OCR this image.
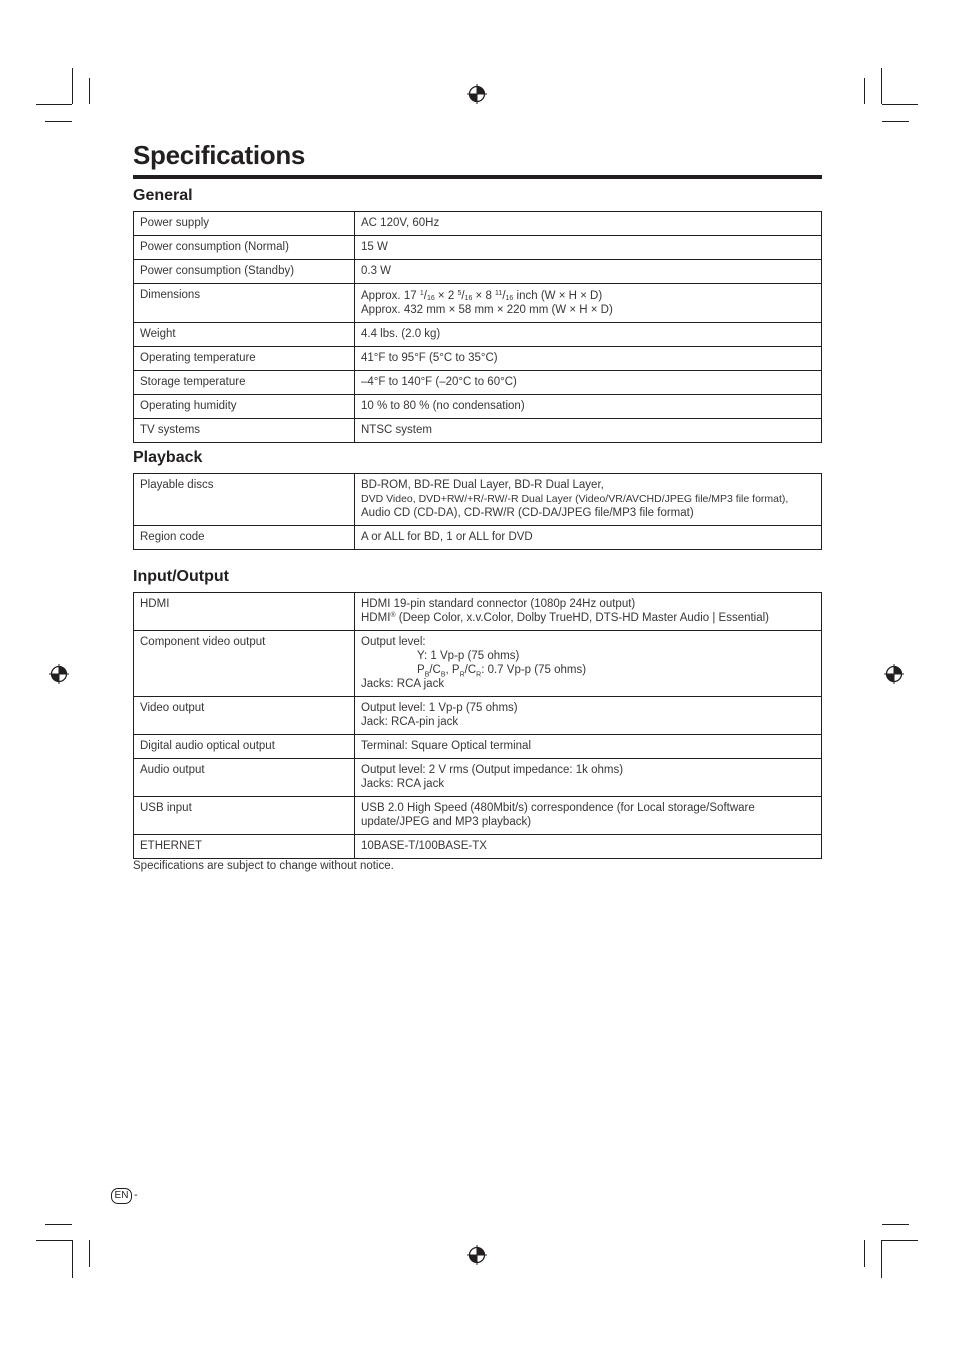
Specifications
General
Power supply	AC 120V, 60Hz
Power consumption (Normal)	15 W
Power consumption (Standby)	0.3 W
Dimensions	Approx. 17 $^1/_{16} \times 2$ $^5/_{16} \times 8$ $^{11}/_{16}$ inch (W × H × D)
Approx. 432 mm × 58 mm × 220 mm (W × H × D)

Weight	4.4 lbs. (2.0 kg)
Operating temperature	41°F to 95°F (5°C to 35°C)
Storage temperature	–4°F to 140°F (–20°C to 60°C)
Operating humidity	10 % to 80 % (no condensation)
TV systems	NTSC system
Playback
Playable discs	BD-ROM, BD-RE Dual Layer, BD-R Dual Layer,
DVD Video, DVD+RW/+R/-RW/-R Dual Layer (Video/VR/AVCHD/JPEG file/MP3 file format),
Audio CD (CD-DA), CD-RW/R (CD-DA/JPEG file/MP3 file format)

Region code	A or ALL for BD, 1 or ALL for DVD
Input/Output
HDMI	HDMI 19-pin standard connector (1080p 24Hz output)
HDMI® (Deep Color, x.v.Color, Dolby TrueHD, DTS-HD Master Audio | Essential)

Component video output	Output level:
Y: 1 Vp-p (75 ohms)
$P_B/C_B$, $P_R/C_R$: 0.7 Vp-p (75 ohms)
Jacks: RCA jack

Video output	Output level: 1 Vp-p (75 ohms)
Jack: RCA-pin jack

Digital audio optical output	Terminal: Square Optical terminal
Audio output	Output level: 2 V rms (Output impedance: 1k ohms)
Jacks: RCA jack

USB input	USB 2.0 High Speed (480Mbit/s) correspondence (for Local storage/Software
update/JPEG and MP3 playback)

ETHERNET	10BASE-T/100BASE-TX

Specifications are subject to change without notice.

EN -
